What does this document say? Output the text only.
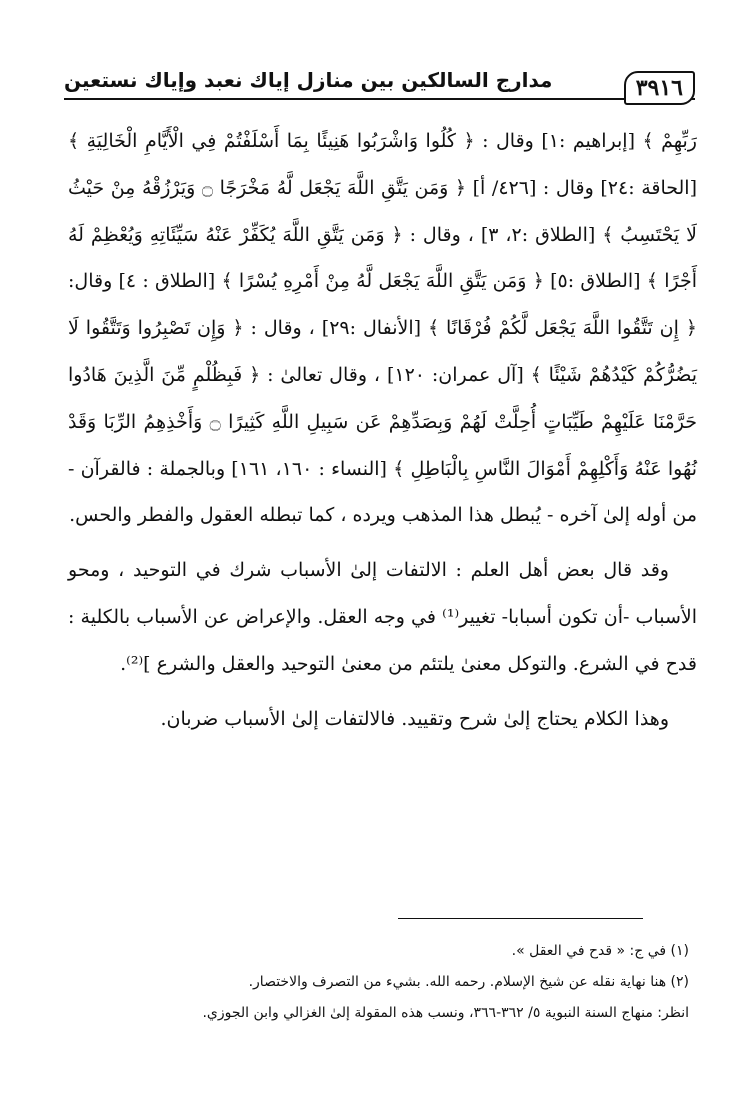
٣٩١٦
مدارج السالكين بين منازل إياك نعبد وإياك نستعين

رَبِّهِمْ ﴾ [إبراهيم :١] وقال : ﴿ كُلُوا وَاشْرَبُوا هَنِيئًا بِمَا أَسْلَفْتُمْ فِي الْأَيَّامِ الْخَالِيَةِ ﴾ [الحاقة :٢٤] وقال : [٤٢٦/ أ] ﴿ وَمَن يَتَّقِ اللَّهَ يَجْعَل لَّهُ مَخْرَجًا ۝ وَيَرْزُقْهُ مِنْ حَيْثُ لَا يَحْتَسِبُ ﴾ [الطلاق :٢، ٣] ، وقال : ﴿ وَمَن يَتَّقِ اللَّهَ يُكَفِّرْ عَنْهُ سَيِّئَاتِهِ وَيُعْظِمْ لَهُ أَجْرًا ﴾ [الطلاق :٥] ﴿ وَمَن يَتَّقِ اللَّهَ يَجْعَل لَّهُ مِنْ أَمْرِهِ يُسْرًا ﴾ [الطلاق : ٤] وقال: ﴿ إِن تَتَّقُوا اللَّهَ يَجْعَل لَّكُمْ فُرْقَانًا ﴾ [الأنفال :٢٩] ، وقال : ﴿ وَإِن تَصْبِرُوا وَتَتَّقُوا لَا يَضُرُّكُمْ كَيْدُهُمْ شَيْئًا ﴾ [آل عمران: ١٢٠] ، وقال تعالىٰ : ﴿ فَبِظُلْمٍ مِّنَ الَّذِينَ هَادُوا حَرَّمْنَا عَلَيْهِمْ طَيِّبَاتٍ أُحِلَّتْ لَهُمْ وَبِصَدِّهِمْ عَن سَبِيلِ اللَّهِ كَثِيرًا ۝ وَأَخْذِهِمُ الرِّبَا وَقَدْ نُهُوا عَنْهُ وَأَكْلِهِمْ أَمْوَالَ النَّاسِ بِالْبَاطِلِ ﴾ [النساء : ١٦٠، ١٦١] وبالجملة : فالقرآن - من أوله إلىٰ آخره - يُبطل هذا المذهب ويرده ، كما تبطله العقول والفطر والحس.

وقد قال بعض أهل العلم : الالتفات إلىٰ الأسباب شرك في التوحيد ، ومحو الأسباب -أن تكون أسبابا- تغيير⁽¹⁾ في وجه العقل. والإعراض عن الأسباب بالكلية : قدح في الشرع. والتوكل معنىٰ يلتئم من معنىٰ التوحيد والعقل والشرع ]⁽²⁾.

وهذا الكلام يحتاج إلىٰ شرح وتقييد. فالالتفات إلىٰ الأسباب ضربان.

(١) في ج: « قدح في العقل ».

(٢) هنا نهاية نقله عن شيخ الإسلام. رحمه الله. بشيء من التصرف والاختصار.

انظر: منهاج السنة النبوية ٥/ ٣٦٢-٣٦٦، ونسب هذه المقولة إلىٰ الغزالي وابن الجوزي.
